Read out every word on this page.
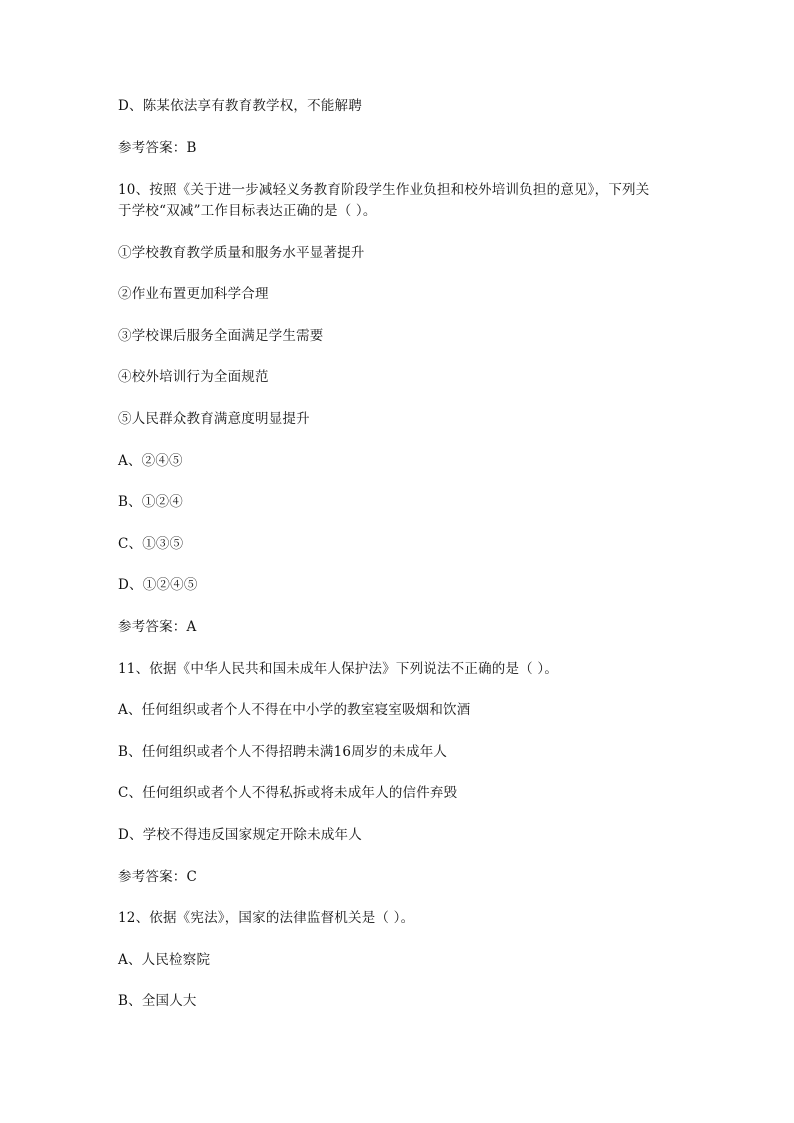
D、陈某依法享有教育教学权，不能解聘
参考答案：B
10、按照《关于进一步减轻义务教育阶段学生作业负担和校外培训负担的意见》，下列关
于学校“双减”工作目标表达正确的是（ ）。
①学校教育教学质量和服务水平显著提升
②作业布置更加科学合理
③学校课后服务全面满足学生需要
④校外培训行为全面规范
⑤人民群众教育满意度明显提升
A、②④⑤
B、①②④
C、①③⑤
D、①②④⑤
参考答案：A
11、依据《中华人民共和国未成年人保护法》下列说法不正确的是（ ）。
A、任何组织或者个人不得在中小学的教室寝室吸烟和饮酒
B、任何组织或者个人不得招聘未满16周岁的未成年人
C、任何组织或者个人不得私拆或将未成年人的信件弃毁
D、学校不得违反国家规定开除未成年人
参考答案：C
12、依据《宪法》，国家的法律监督机关是（ ）。
A、人民检察院
B、全国人大
